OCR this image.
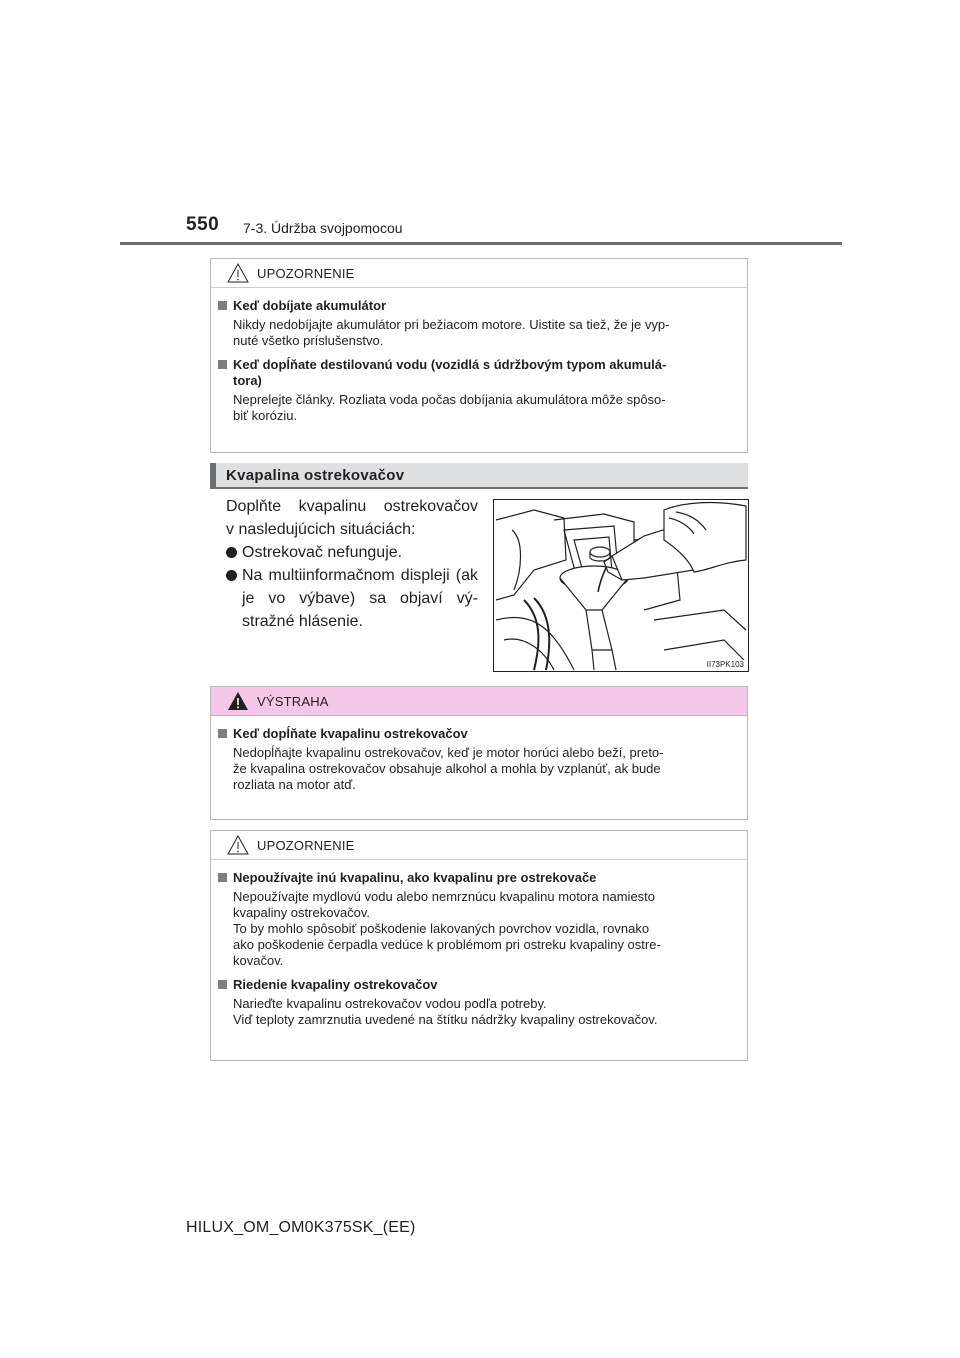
550 7-3. Údržba svojpomocou
UPOZORNENIE
Keď dobíjate akumulátor
Nikdy nedobíjajte akumulátor pri bežiacom motore. Uistite sa tiež, že je vyp-
nuté všetko príslušenstvo.
Keď dopĺňate destilovanú vodu (vozidlá s údržbovým typom akumulá-
tora)
Neprelejte články. Rozliata voda počas dobíjania akumulátora môže spôso-
biť koróziu.
Kvapalina ostrekovačov
Doplňte kvapalinu ostrekovačov
v nasledujúcich situáciách:
Ostrekovač nefunguje.
Na multiinformačnom displeji (ak je vo výbave) sa objaví vý-stražné hlásenie.
II73PK103
VÝSTRAHA
Keď dopĺňate kvapalinu ostrekovačov
Nedopĺňajte kvapalinu ostrekovačov, keď je motor horúci alebo beží, preto-
že kvapalina ostrekovačov obsahuje alkohol a mohla by vzplanúť, ak bude
rozliata na motor atď.
UPOZORNENIE
Nepoužívajte inú kvapalinu, ako kvapalinu pre ostrekovače
Nepoužívajte mydlovú vodu alebo nemrznúcu kvapalinu motora namiesto
kvapaliny ostrekovačov.
To by mohlo spôsobiť poškodenie lakovaných povrchov vozidla, rovnako
ako poškodenie čerpadla vedúce k problémom pri ostreku kvapaliny ostre-
kovačov.
Riedenie kvapaliny ostrekovačov
Narieďte kvapalinu ostrekovačov vodou podľa potreby.
Viď teploty zamrznutia uvedené na štítku nádržky kvapaliny ostrekovačov.
HILUX_OM_OM0K375SK_(EE)
